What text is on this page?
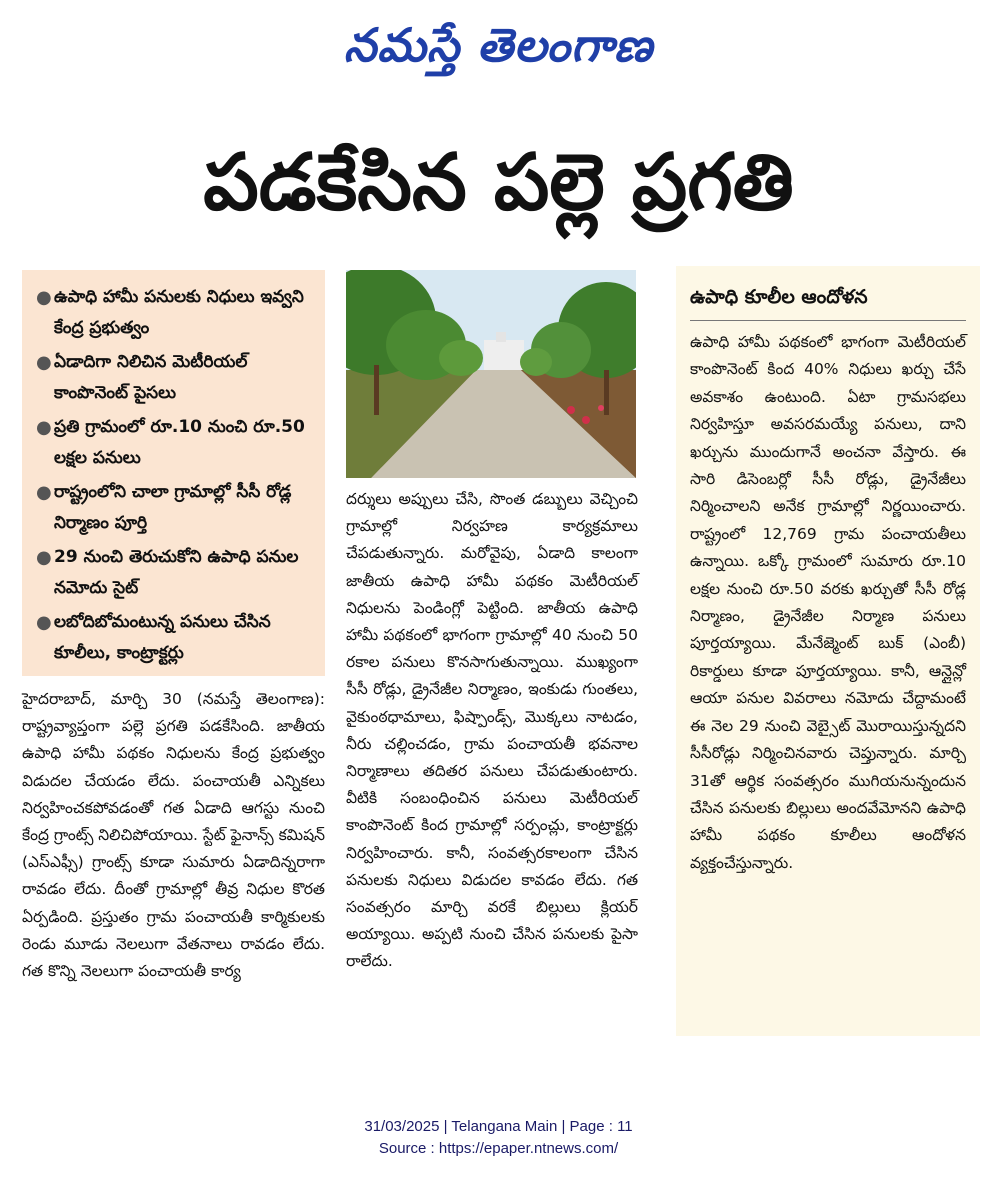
నమస్తే తెలంగాణ
పడకేసిన పల్లె ప్రగతి
● ఉపాధి హామీ పనులకు నిధులు ఇవ్వని కేంద్ర ప్రభుత్వం
● ఏడాదిగా నిలిచిన మెటీరియల్ కాంపొనెంట్ పైసలు
● ప్రతి గ్రామంలో రూ.10 నుంచి రూ.50 లక్షల పనులు
● రాష్ట్రంలోని చాలా గ్రామాల్లో సీసీ రోడ్ల నిర్మాణం పూర్తి
● 29 నుంచి తెరుచుకోని ఉపాధి పనుల నమోదు సైట్
● లబోదిబోమంటున్న పనులు చేసిన కూలీలు, కాంట్రాక్టర్లు
హైదరాబాద్, మార్చి 30 (నమస్తే తెలంగాణ): రాష్ట్రవ్యాప్తంగా పల్లె ప్రగతి పడకేసింది. జాతీయ ఉపాధి హామీ పథకం నిధులను కేంద్ర ప్రభుత్వం విడుదల చేయడం లేదు. పంచాయతీ ఎన్నికలు నిర్వహించకపోవడంతో గత ఏడాది ఆగస్టు నుంచి కేంద్ర గ్రాంట్స్ నిలిచిపోయాయి. స్టేట్ ఫైనాన్స్ కమిషన్ (ఎస్ఎఫ్సీ) గ్రాంట్స్ కూడా సుమారు ఏడాదిన్నరాగా రావడం లేదు. దీంతో గ్రామాల్లో తీవ్ర నిధుల కొరత ఏర్పడింది. ప్రస్తుతం గ్రామ పంచాయతీ కార్మికులకు రెండు మూడు నెలలుగా వేతనాలు రావడం లేదు. గత కొన్ని నెలలుగా పంచాయతీ కార్య
దర్శులు అప్పులు చేసి, సొంత డబ్బులు వెచ్చించి గ్రామాల్లో నిర్వహణ కార్యక్రమాలు చేపడుతున్నారు. మరోవైపు, ఏడాది కాలంగా జాతీయ ఉపాధి హామీ పథకం మెటీరియల్ నిధులను పెండింగ్లో పెట్టింది. జాతీయ ఉపాధి హామీ పథకంలో భాగంగా గ్రామాల్లో 40 నుంచి 50 రకాల పనులు కొనసాగుతున్నాయి. ముఖ్యంగా సీసీ రోడ్లు, డ్రైనేజీల నిర్మాణం, ఇంకుడు గుంతలు, వైకుంఠధామాలు, ఫిష్పాండ్స్, మొక్కలు నాటడం, నీరు చల్లించడం, గ్రామ పంచాయతీ భవనాల నిర్మాణాలు తదితర పనులు చేపడుతుంటారు. వీటికి సంబంధించిన పనులు మెటీరియల్ కాంపొనెంట్ కింద గ్రామాల్లో సర్పంచ్లు, కాంట్రాక్టర్లు నిర్వహించారు. కానీ, సంవత్సరకాలంగా చేసిన పనులకు నిధులు విడుదల కావడం లేదు. గత సంవత్సరం మార్చి వరకే బిల్లులు క్లియర్ అయ్యాయి. అప్పటి నుంచి చేసిన పనులకు పైసా రాలేదు.
ఉపాధి కూలీల ఆందోళన
ఉపాధి హామీ పథకంలో భాగంగా మెటీరియల్ కాంపొనెంట్ కింద 40% నిధులు ఖర్చు చేసే అవకాశం ఉంటుంది. ఏటా గ్రామసభలు నిర్వహిస్తూ అవసరమయ్యే పనులు, దాని ఖర్చును ముందుగానే అంచనా వేస్తారు. ఈ సారి డిసెంబర్లో సీసీ రోడ్లు, డ్రైనేజీలు నిర్మించాలని అనేక గ్రామాల్లో నిర్ణయించారు. రాష్ట్రంలో 12,769 గ్రామ పంచాయతీలు ఉన్నాయి. ఒక్కో గ్రామంలో సుమారు రూ.10 లక్షల నుంచి రూ.50 వరకు ఖర్చుతో సీసీ రోడ్ల నిర్మాణం, డ్రైనేజీల నిర్మాణ పనులు పూర్తయ్యాయి. మేనేజ్మెంట్ బుక్ (ఎంబీ) రికార్డులు కూడా పూర్తయ్యాయి. కానీ, ఆన్లైన్లో ఆయా పనుల వివరాలు నమోదు చేద్దామంటే ఈ నెల 29 నుంచి వెబ్సైట్ మొరాయిస్తున్నదని సీసీరోడ్లు నిర్మించినవారు చెప్తున్నారు. మార్చి 31తో ఆర్థిక సంవత్సరం ముగియనున్నందున చేసిన పనులకు బిల్లులు అందవేమోనని ఉపాధి హామీ పథకం కూలీలు ఆందోళన వ్యక్తంచేస్తున్నారు.
31/03/2025 | Telangana Main | Page : 11
Source : https://epaper.ntnews.com/
